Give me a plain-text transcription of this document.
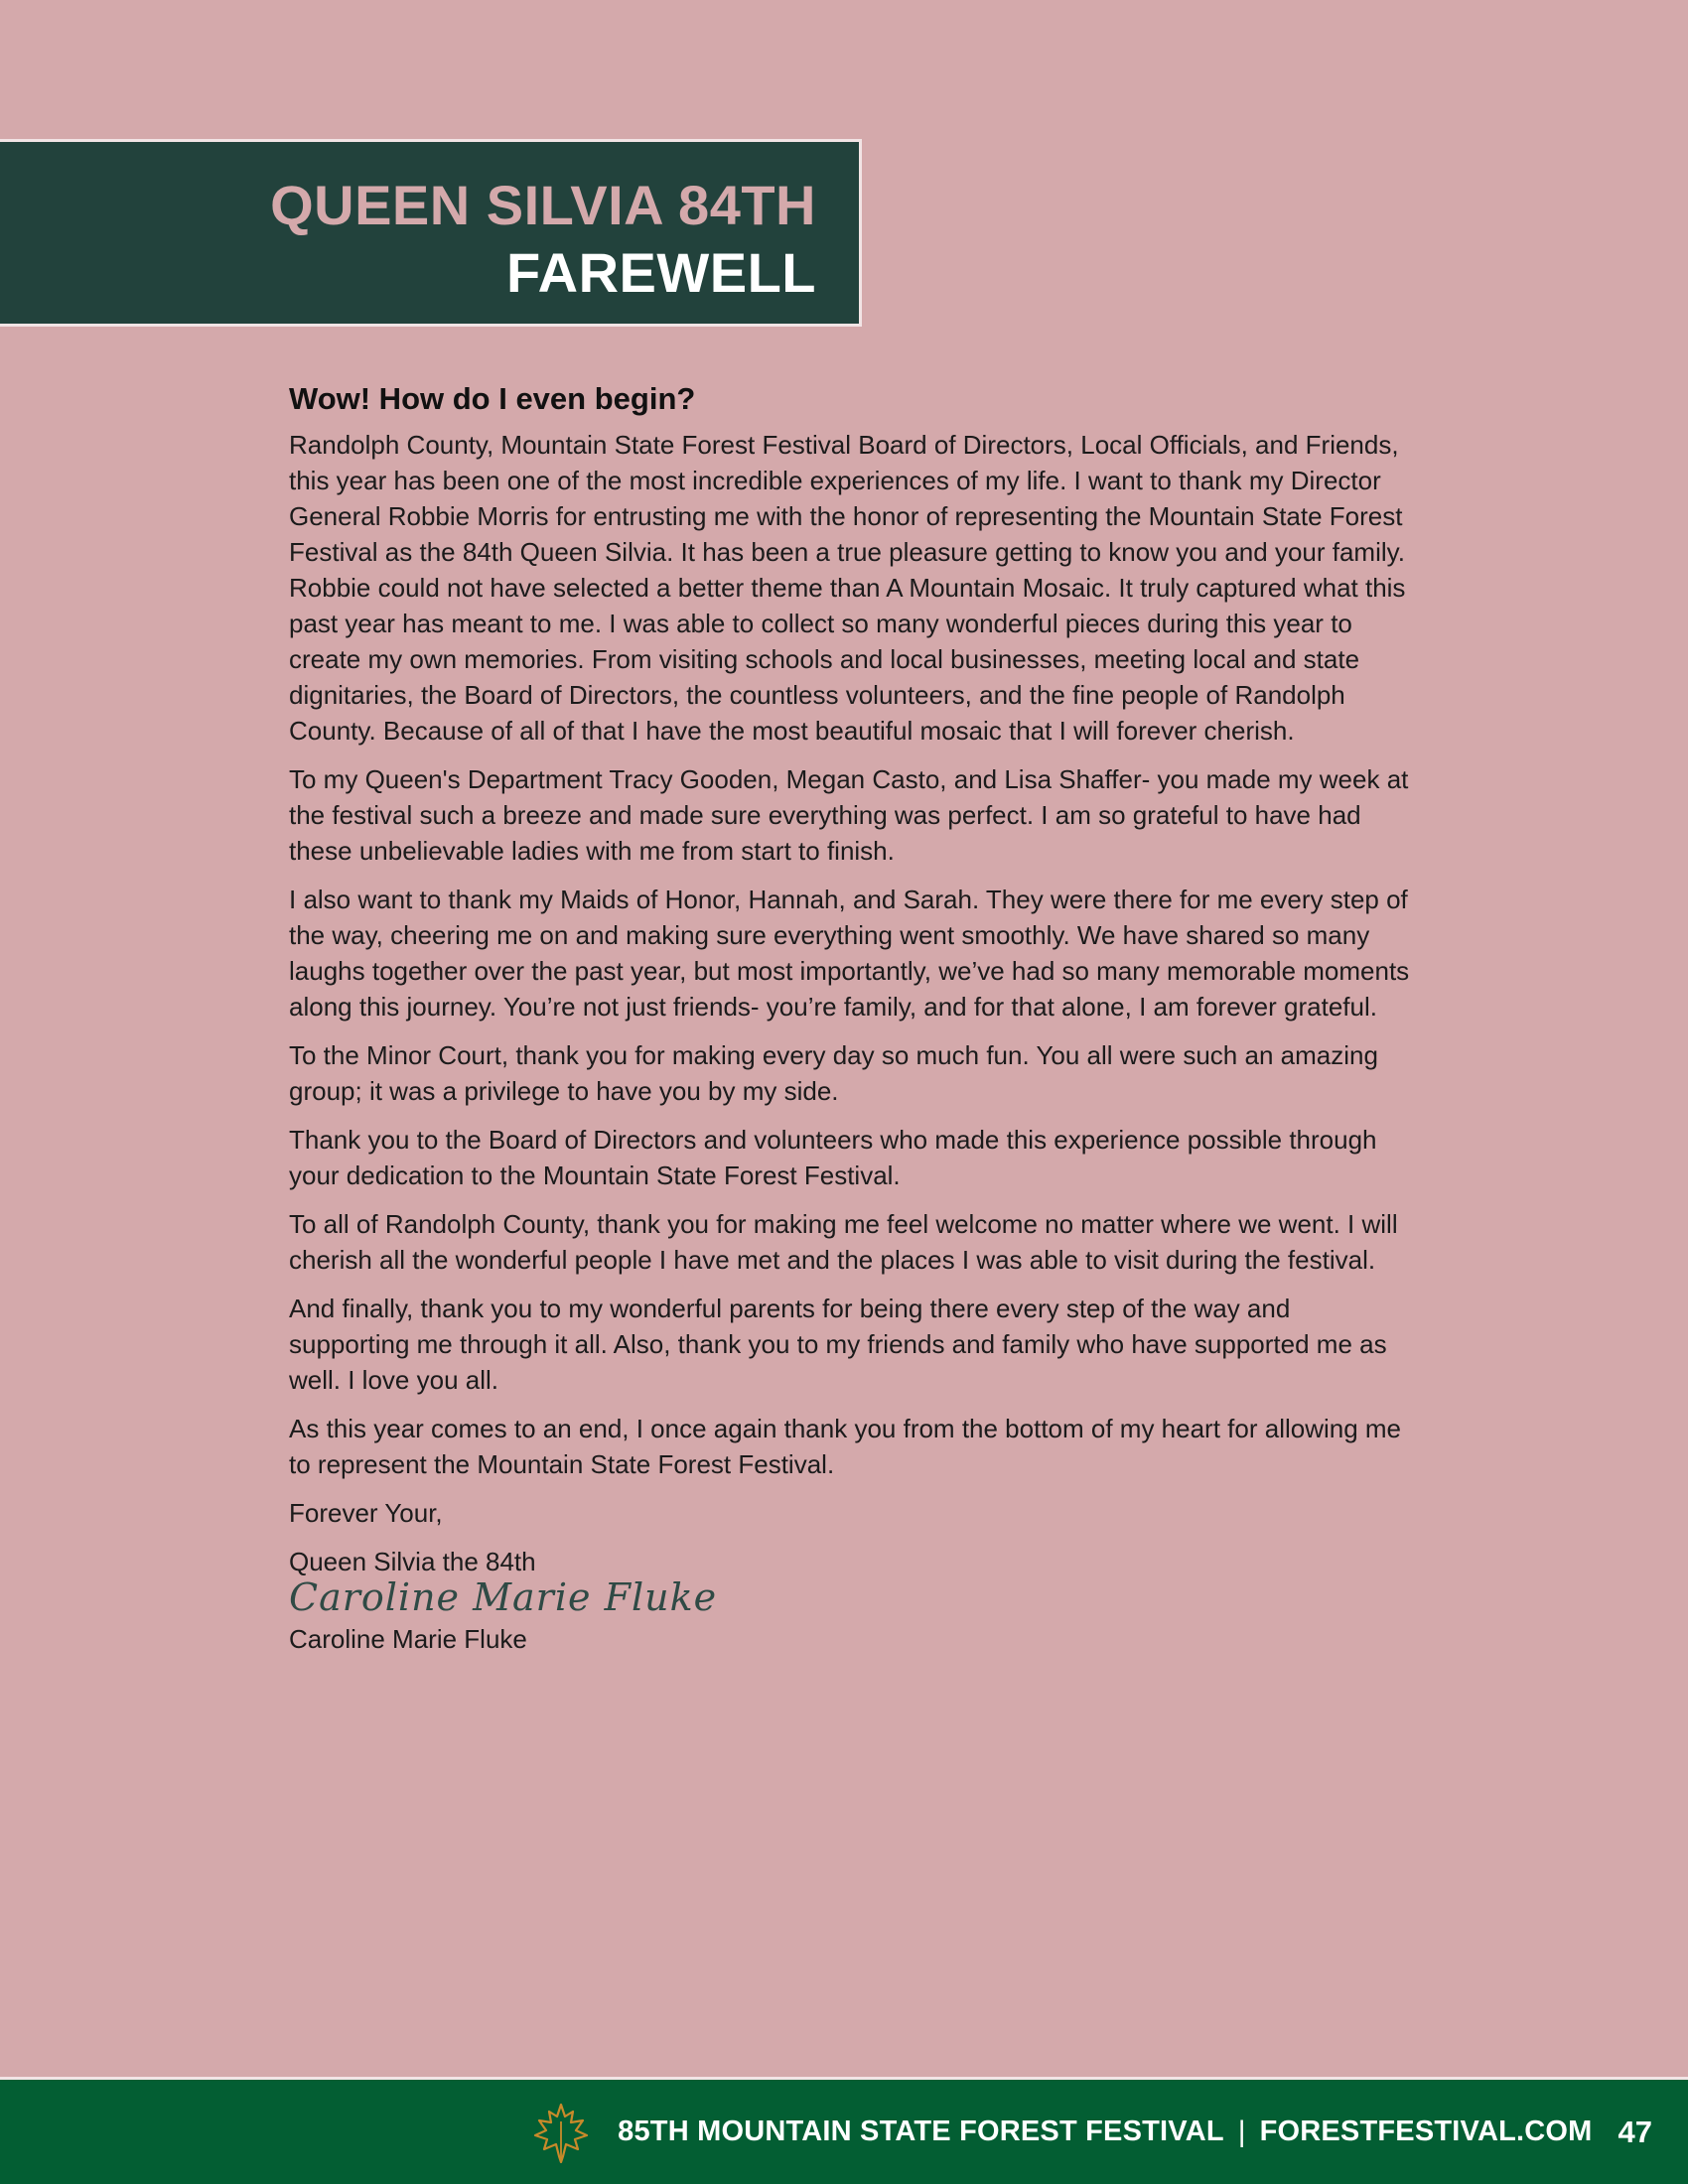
QUEEN SILVIA 84TH
FAREWELL
Wow! How do I even begin?

Randolph County, Mountain State Forest Festival Board of Directors, Local Officials, and Friends, this year has been one of the most incredible experiences of my life. I want to thank my Director General Robbie Morris for entrusting me with the honor of representing the Mountain State Forest Festival as the 84th Queen Silvia. It has been a true pleasure getting to know you and your family. Robbie could not have selected a better theme than A Mountain Mosaic. It truly captured what this past year has meant to me. I was able to collect so many wonderful pieces during this year to create my own memories. From visiting schools and local businesses, meeting local and state dignitaries, the Board of Directors, the countless volunteers, and the fine people of Randolph County. Because of all of that I have the most beautiful mosaic that I will forever cherish.

To my Queen's Department Tracy Gooden, Megan Casto, and Lisa Shaffer- you made my week at the festival such a breeze and made sure everything was perfect. I am so grateful to have had these unbelievable ladies with me from start to finish.

I also want to thank my Maids of Honor, Hannah, and Sarah. They were there for me every step of the way, cheering me on and making sure everything went smoothly. We have shared so many laughs together over the past year, but most importantly, we’ve had so many memorable moments along this journey. You’re not just friends- you’re family, and for that alone, I am forever grateful.

To the Minor Court, thank you for making every day so much fun. You all were such an amazing group; it was a privilege to have you by my side.

Thank you to the Board of Directors and volunteers who made this experience possible through your dedication to the Mountain State Forest Festival.

To all of Randolph County, thank you for making me feel welcome no matter where we went. I will cherish all the wonderful people I have met and the places I was able to visit during the festival.

And finally, thank you to my wonderful parents for being there every step of the way and supporting me through it all. Also, thank you to my friends and family who have supported me as well. I love you all.

As this year comes to an end, I once again thank you from the bottom of my heart for allowing me to represent the Mountain State Forest Festival.

Forever Your,

Queen Silvia the 84th

Caroline Marie Fluke

Caroline Marie Fluke

85TH MOUNTAIN STATE FOREST FESTIVAL | FORESTFESTIVAL.COM 47
